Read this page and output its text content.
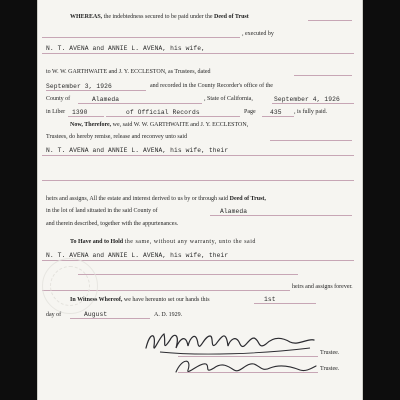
WHEREAS, the indebtedness secured to be paid under the Deed of Trust
, executed by
N. T. AVENA and ANNIE L. AVENA, his wife,
to W. W. GARTHWAITE and J. Y. ECCLESTON, as Trustees, dated
September 3, 1926	and recorded in the County Recorder's office of the
County of	Alameda	, State of California,	September 4, 1926
in Liber 1390	of Official Records	Page 435 , is fully paid.
Now, Therefore, we, said W. W. GARTHWAITE and J. Y. ECCLESTON,
Trustees, do hereby remise, release and reconvey unto said
N. T. AVENA and ANNIE L. AVENA, his wife, their
heirs and assigns, All the estate and interest derived to us by or through said Deed of Trust,
in the lot of land situated in the said County of	Alameda
and therein described, together with the appurtenances.
To Have and to Hold the same, without any warranty, unto the said
N. T. AVENA and ANNIE L. AVENA, his wife, their
heirs and assigns forever.
In Witness Whereof, we have hereunto set our hands this	1st
day of	August	A. D. 1929.
Trustee.
Trustee.
